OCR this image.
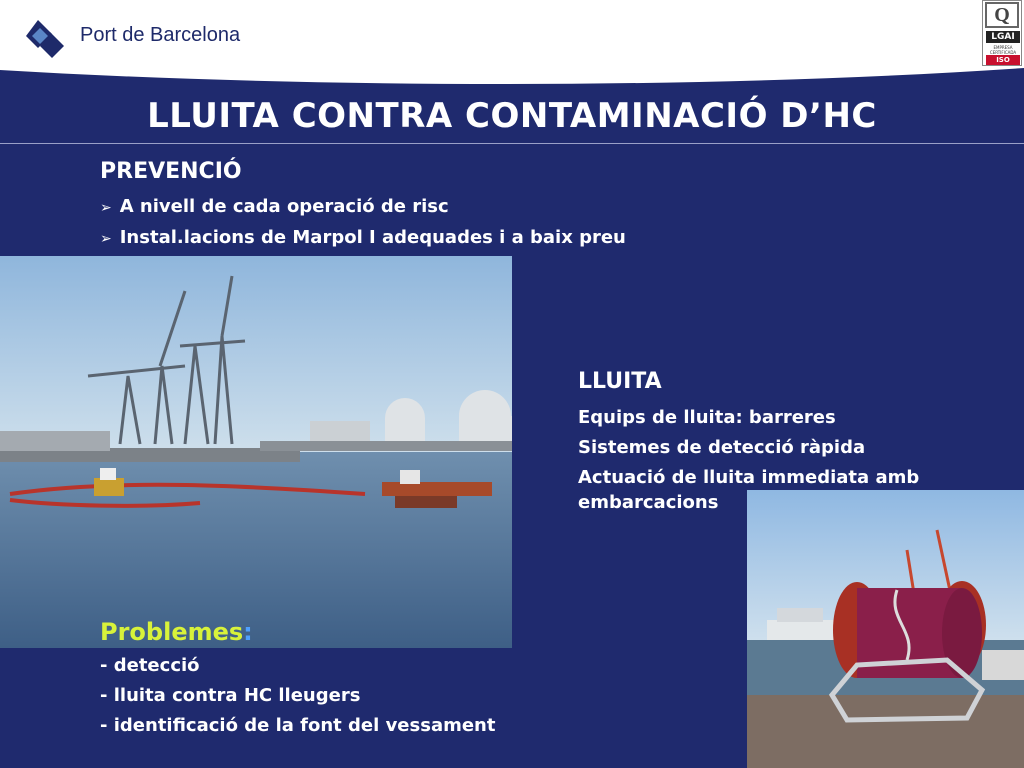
Port de Barcelona
Q
LGAI
EMPRESA CERTIFICADA
ISO
LLUITA CONTRA CONTAMINACIÓ D’HC
PREVENCIÓ
➢ A nivell de cada operació de risc
➢ Instal.lacions de Marpol I adequades i a baix preu
LLUITA
Equips de lluita: barreres
Sistemes de detecció ràpida
Actuació de lluita immediata amb embarcacions
Problemes:
- detecció
- lluita contra HC lleugers
- identificació de la font del vessament
